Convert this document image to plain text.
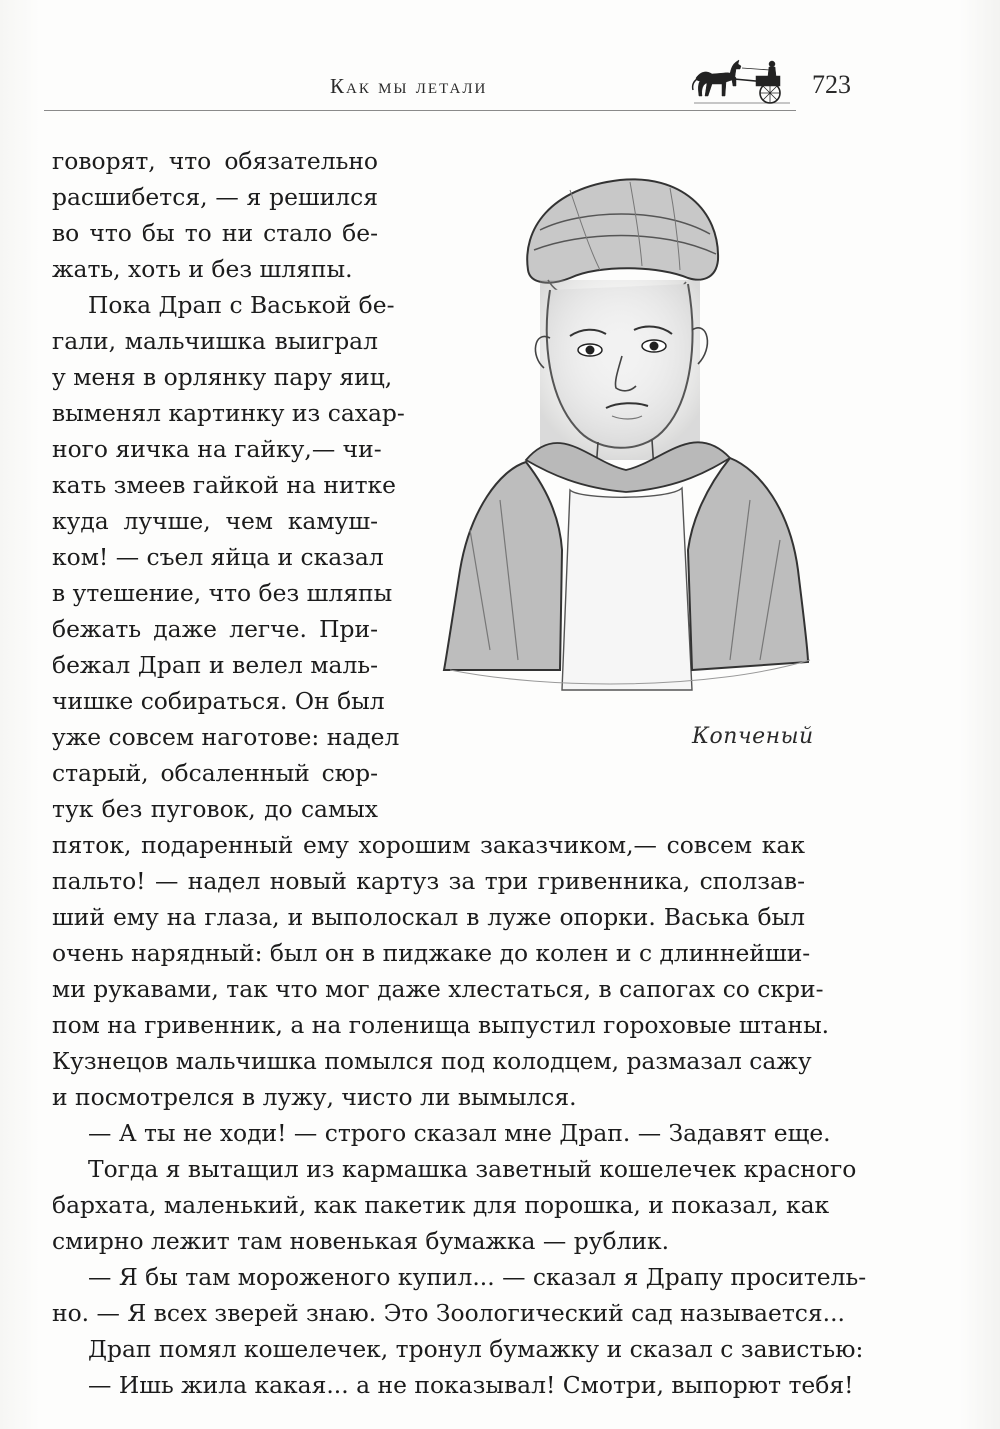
Как мы летали	723
Копченый
говорят, что обязательно
расшибется, — я решился
во что бы то ни стало бе-
жать, хоть и без шляпы.
Пока Драп с Васькой бе-
гали, мальчишка выиграл
у меня в орлянку пару яиц,
выменял картинку из сахар-
ного яичка на гайку,— чи-
кать змеев гайкой на нитке
куда лучше, чем камуш-
ком! — съел яйца и сказал
в утешение, что без шляпы
бежать даже легче. При-
бежал Драп и велел маль-
чишке собираться. Он был
уже совсем наготове: надел
старый, обсаленный сюр-
тук без пуговок, до самых
пяток, подаренный ему хорошим заказчиком,— совсем как
пальто! — надел новый картуз за три гривенника, сползав-
ший ему на глаза, и выполоскал в луже опорки. Васька был
очень нарядный: был он в пиджаке до колен и с длиннейши-
ми рукавами, так что мог даже хлестаться, в сапогах со скри-
пом на гривенник, а на голенища выпустил гороховые штаны.
Кузнецов мальчишка помылся под колодцем, размазал сажу
и посмотрелся в лужу, чисто ли вымылся.
— А ты не ходи! — строго сказал мне Драп. — Задавят еще.
Тогда я вытащил из кармашка заветный кошелечек красного
бархата, маленький, как пакетик для порошка, и показал, как
смирно лежит там новенькая бумажка — рублик.
— Я бы там мороженого купил... — сказал я Драпу проситель-
но. — Я всех зверей знаю. Это Зоологический сад называется...
Драп помял кошелечек, тронул бумажку и сказал с завистью:
— Ишь жила какая... а не показывал! Смотри, выпорют тебя!
